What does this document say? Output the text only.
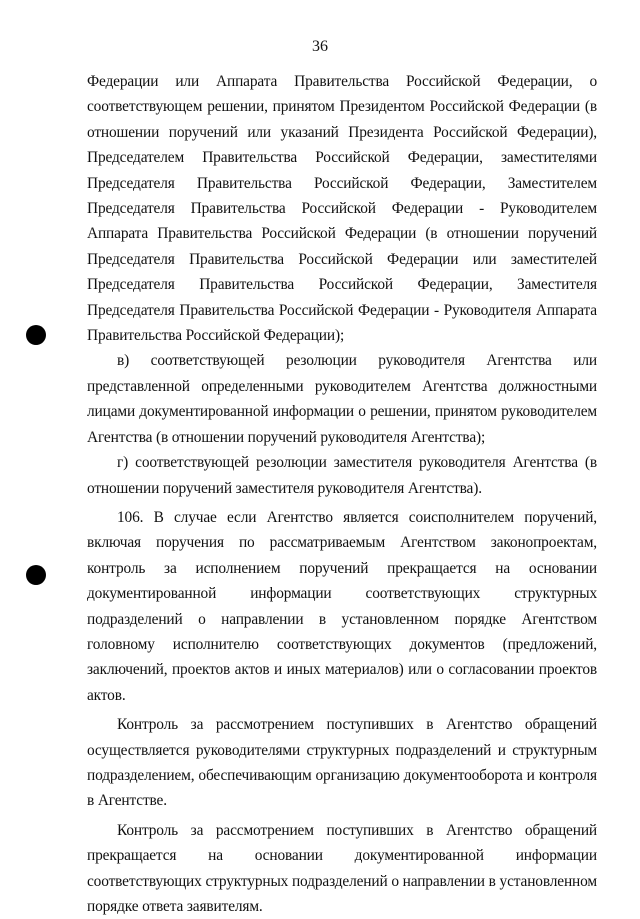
36

Федерации или Аппарата Правительства Российской Федерации, о соответствующем решении, принятом Президентом Российской Федерации (в отношении поручений или указаний Президента Российской Федерации), Председателем Правительства Российской Федерации, заместителями Председателя Правительства Российской Федерации, Заместителем Председателя Правительства Российской Федерации - Руководителем Аппарата Правительства Российской Федерации (в отношении поручений Председателя Правительства Российской Федерации или заместителей Председателя Правительства Российской Федерации, Заместителя Председателя Правительства Российской Федерации - Руководителя Аппарата Правительства Российской Федерации);

в) соответствующей резолюции руководителя Агентства или представленной определенными руководителем Агентства должностными лицами документированной информации о решении, принятом руководителем Агентства (в отношении поручений руководителя Агентства);

г) соответствующей резолюции заместителя руководителя Агентства (в отношении поручений заместителя руководителя Агентства).

106. В случае если Агентство является соисполнителем поручений, включая поручения по рассматриваемым Агентством законопроектам, контроль за исполнением поручений прекращается на основании документированной информации соответствующих структурных подразделений о направлении в установленном порядке Агентством головному исполнителю соответствующих документов (предложений, заключений, проектов актов и иных материалов) или о согласовании проектов актов.

Контроль за рассмотрением поступивших в Агентство обращений осуществляется руководителями структурных подразделений и структурным подразделением, обеспечивающим организацию документооборота и контроля в Агентстве.

Контроль за рассмотрением поступивших в Агентство обращений прекращается на основании документированной информации соответствующих структурных подразделений о направлении в установленном порядке ответа заявителям.
